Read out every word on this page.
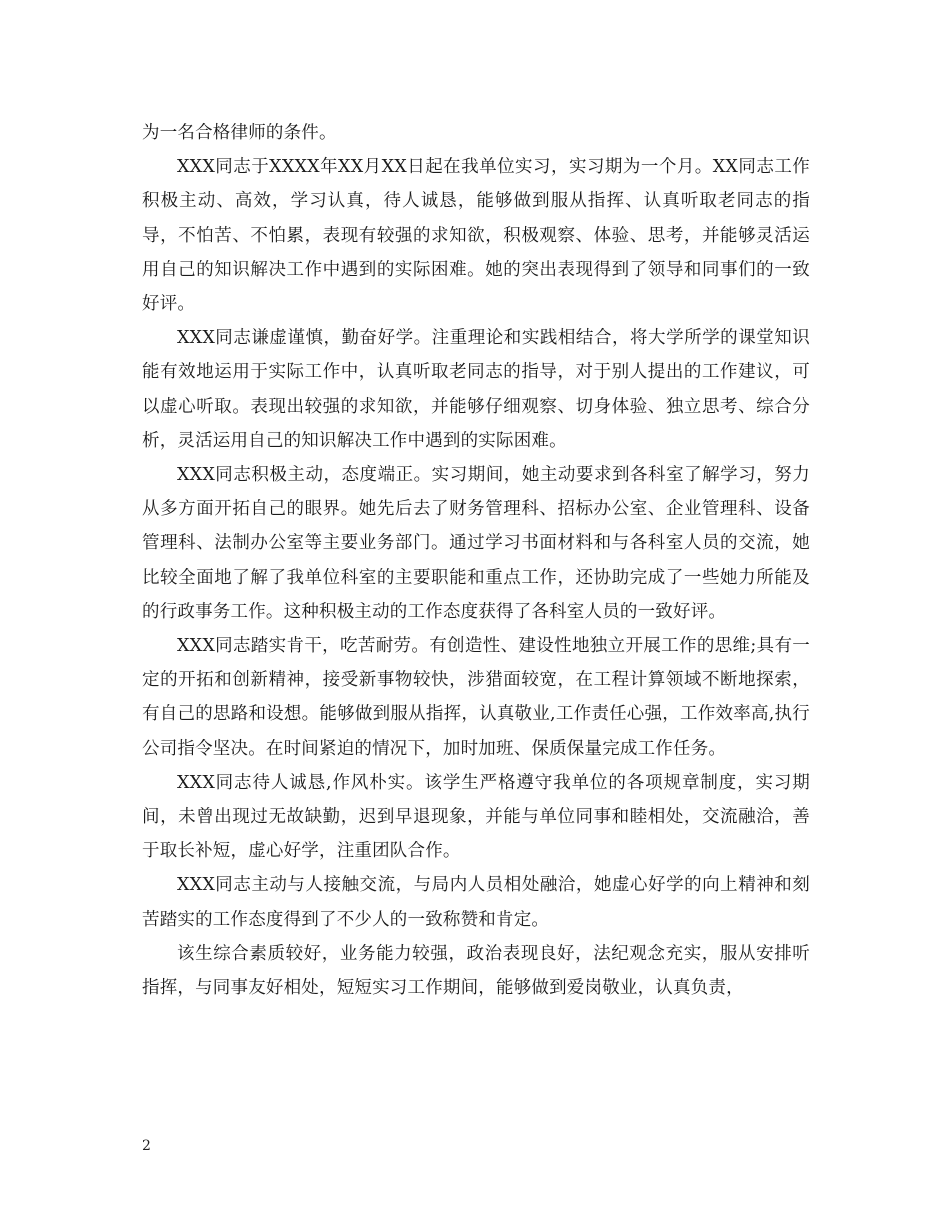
为一名合格律师的条件。

XXX同志于XXXX年XX月XX日起在我单位实习，实习期为一个月。XX同志工作积极主动、高效，学习认真，待人诚恳，能够做到服从指挥、认真听取老同志的指导，不怕苦、不怕累，表现有较强的求知欲，积极观察、体验、思考，并能够灵活运用自己的知识解决工作中遇到的实际困难。她的突出表现得到了领导和同事们的一致好评。

XXX同志谦虚谨慎，勤奋好学。注重理论和实践相结合，将大学所学的课堂知识能有效地运用于实际工作中，认真听取老同志的指导，对于别人提出的工作建议，可以虚心听取。表现出较强的求知欲，并能够仔细观察、切身体验、独立思考、综合分析，灵活运用自己的知识解决工作中遇到的实际困难。

XXX同志积极主动，态度端正。实习期间，她主动要求到各科室了解学习，努力从多方面开拓自己的眼界。她先后去了财务管理科、招标办公室、企业管理科、设备管理科、法制办公室等主要业务部门。通过学习书面材料和与各科室人员的交流，她比较全面地了解了我单位科室的主要职能和重点工作，还协助完成了一些她力所能及的行政事务工作。这种积极主动的工作态度获得了各科室人员的一致好评。

XXX同志踏实肯干，吃苦耐劳。有创造性、建设性地独立开展工作的思维;具有一定的开拓和创新精神，接受新事物较快，涉猎面较宽，在工程计算领域不断地探索，有自己的思路和设想。能够做到服从指挥，认真敬业,工作责任心强，工作效率高,执行公司指令坚决。在时间紧迫的情况下，加时加班、保质保量完成工作任务。

XXX同志待人诚恳,作风朴实。该学生严格遵守我单位的各项规章制度，实习期间，未曾出现过无故缺勤，迟到早退现象，并能与单位同事和睦相处，交流融洽，善于取长补短，虚心好学，注重团队合作。

XXX同志主动与人接触交流，与局内人员相处融洽，她虚心好学的向上精神和刻苦踏实的工作态度得到了不少人的一致称赞和肯定。

该生综合素质较好，业务能力较强，政治表现良好，法纪观念充实，服从安排听指挥，与同事友好相处，短短实习工作期间，能够做到爱岗敬业，认真负责，

2
